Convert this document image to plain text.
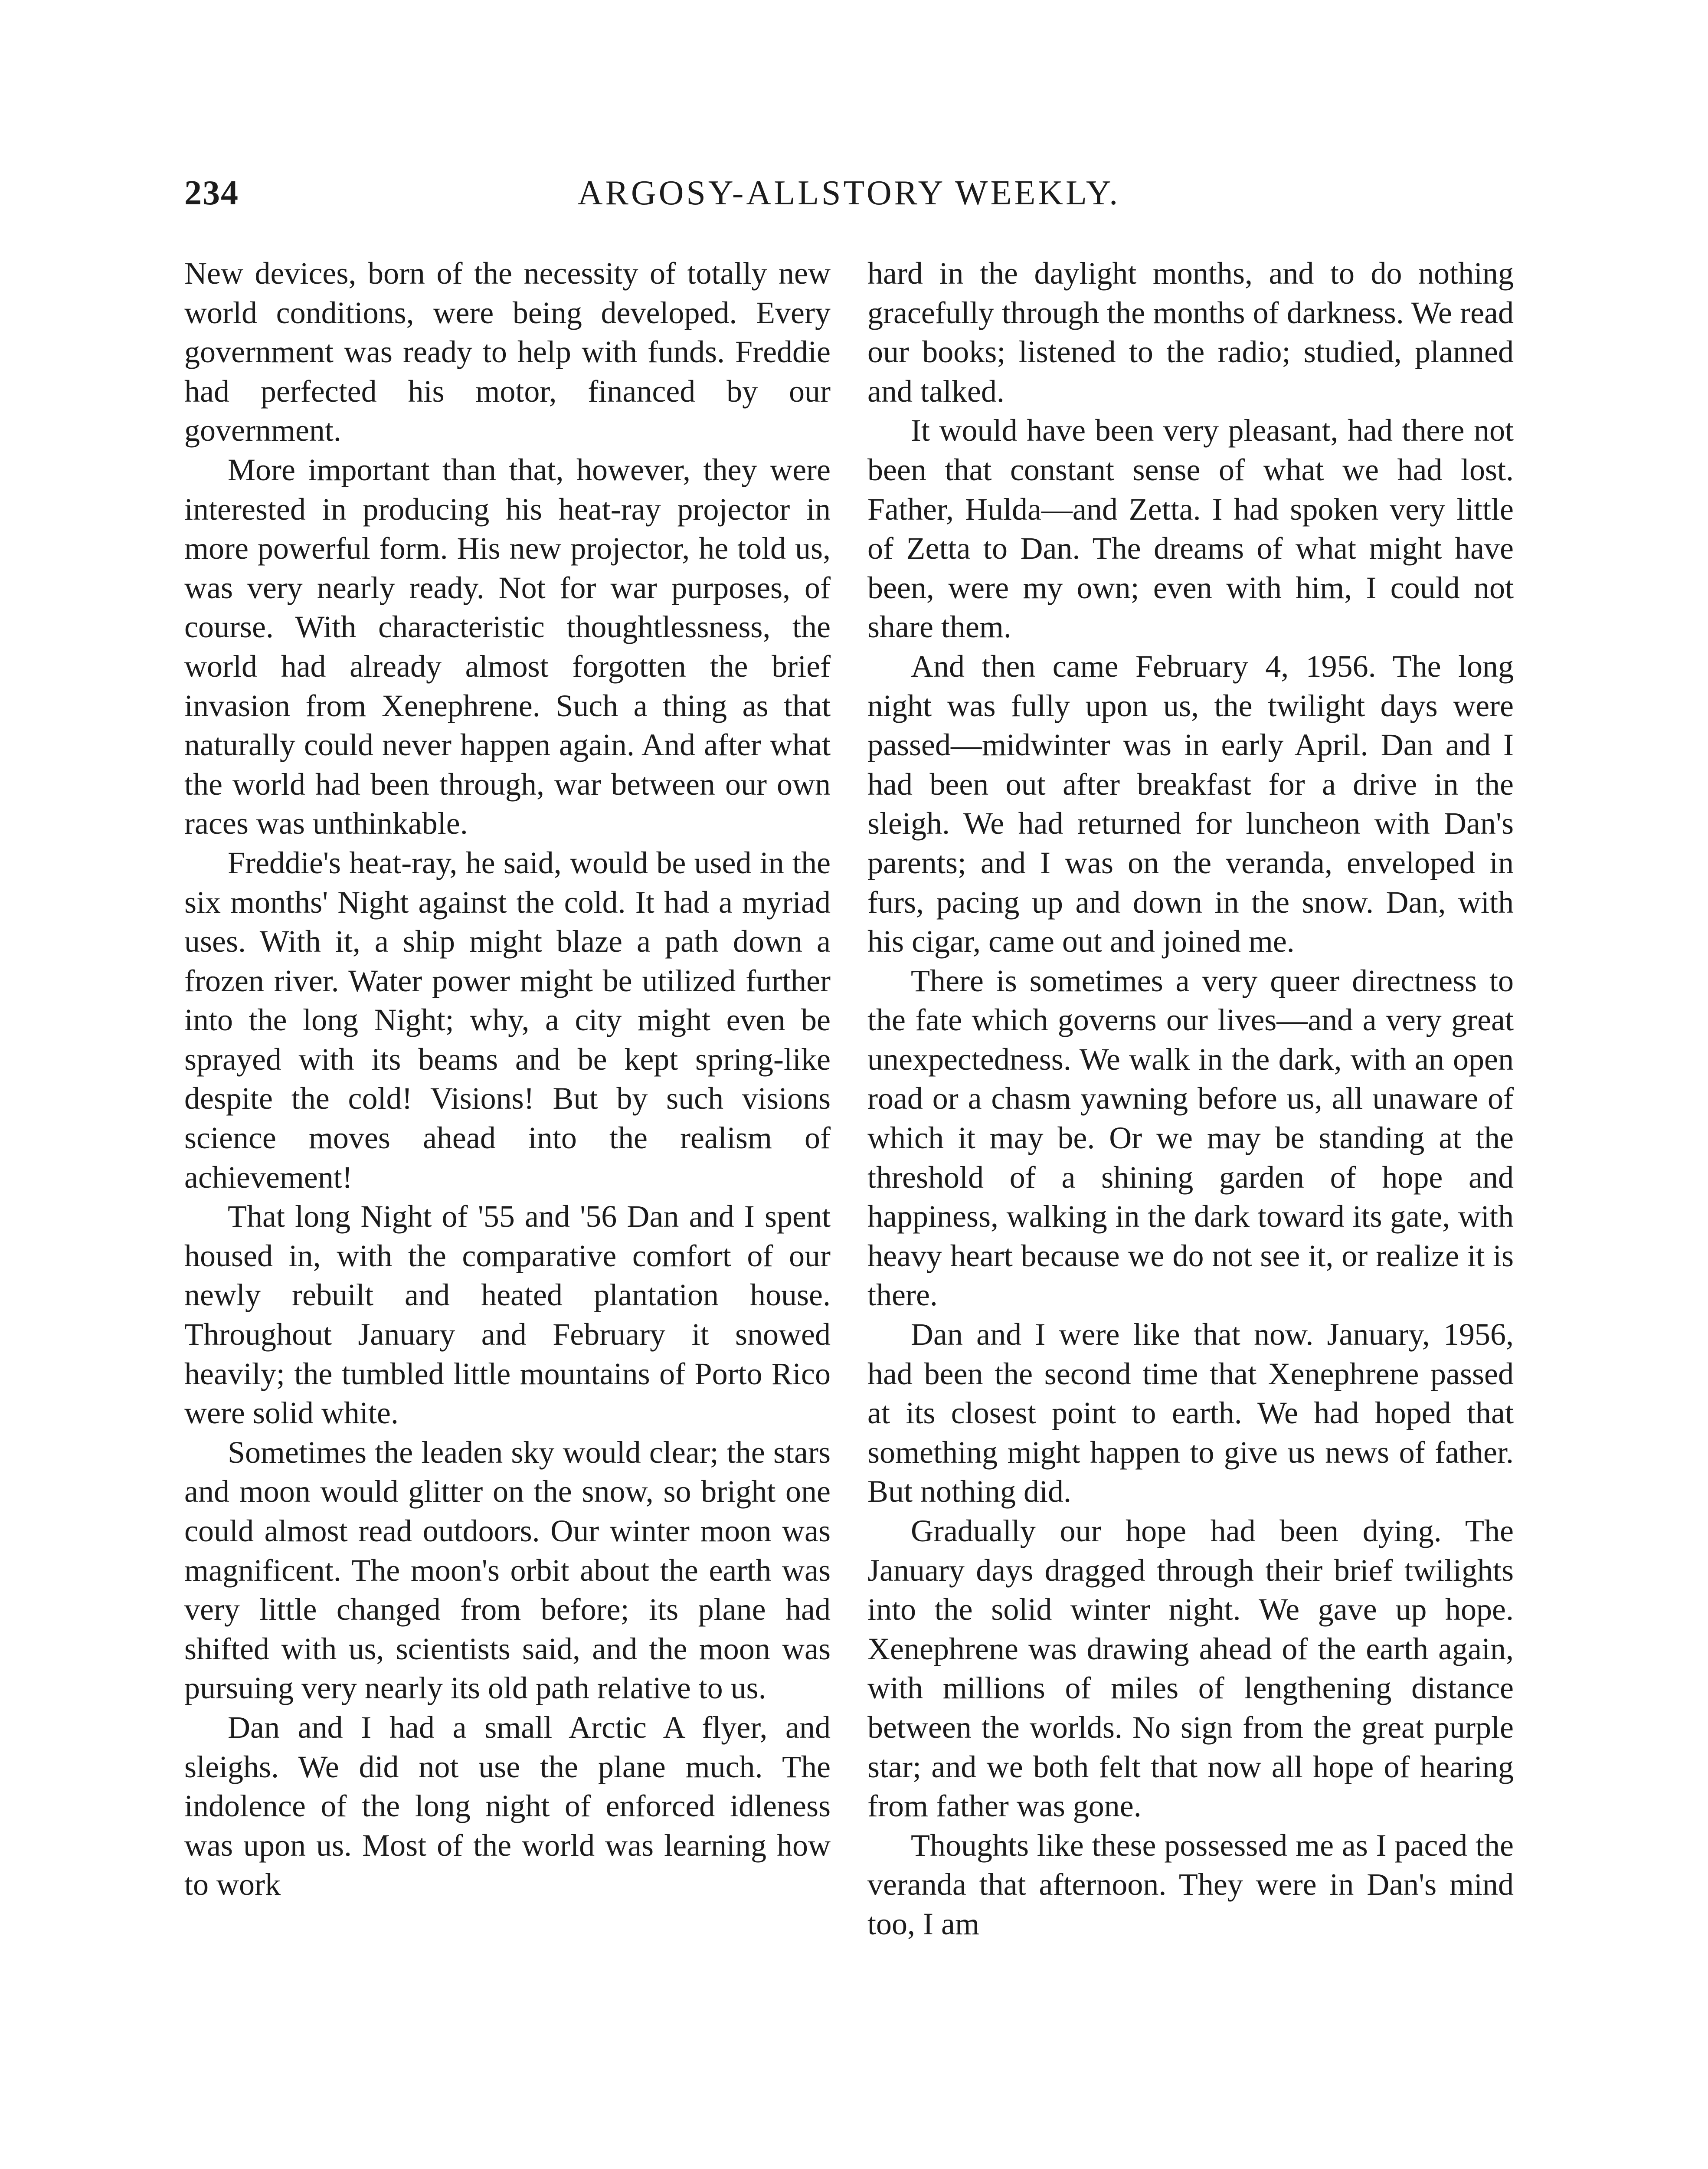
234	ARGOSY-ALLSTORY WEEKLY.

New devices, born of the necessity of totally new world conditions, were being developed. Every government was ready to help with funds. Freddie had perfected his motor, financed by our government.

More important than that, however, they were interested in producing his heat-ray projector in more powerful form. His new projector, he told us, was very nearly ready. Not for war purposes, of course. With characteristic thoughtlessness, the world had already almost forgotten the brief invasion from Xenephrene. Such a thing as that naturally could never happen again. And after what the world had been through, war between our own races was unthinkable.

Freddie's heat-ray, he said, would be used in the six months' Night against the cold. It had a myriad uses. With it, a ship might blaze a path down a frozen river. Water power might be utilized further into the long Night; why, a city might even be sprayed with its beams and be kept spring-like despite the cold! Visions! But by such visions science moves ahead into the realism of achievement!

That long Night of '55 and '56 Dan and I spent housed in, with the comparative comfort of our newly rebuilt and heated plantation house. Throughout January and February it snowed heavily; the tumbled little mountains of Porto Rico were solid white.

Sometimes the leaden sky would clear; the stars and moon would glitter on the snow, so bright one could almost read outdoors. Our winter moon was magnificent. The moon's orbit about the earth was very little changed from before; its plane had shifted with us, scientists said, and the moon was pursuing very nearly its old path relative to us.

Dan and I had a small Arctic A flyer, and sleighs. We did not use the plane much. The indolence of the long night of enforced idleness was upon us. Most of the world was learning how to work

hard in the daylight months, and to do nothing gracefully through the months of darkness. We read our books; listened to the radio; studied, planned and talked.

It would have been very pleasant, had there not been that constant sense of what we had lost. Father, Hulda—and Zetta. I had spoken very little of Zetta to Dan. The dreams of what might have been, were my own; even with him, I could not share them.

And then came February 4, 1956. The long night was fully upon us, the twilight days were passed—midwinter was in early April. Dan and I had been out after breakfast for a drive in the sleigh. We had returned for luncheon with Dan's parents; and I was on the veranda, enveloped in furs, pacing up and down in the snow. Dan, with his cigar, came out and joined me.

There is sometimes a very queer directness to the fate which governs our lives—and a very great unexpectedness. We walk in the dark, with an open road or a chasm yawning before us, all unaware of which it may be. Or we may be standing at the threshold of a shining garden of hope and happiness, walking in the dark toward its gate, with heavy heart because we do not see it, or realize it is there.

Dan and I were like that now. January, 1956, had been the second time that Xenephrene passed at its closest point to earth. We had hoped that something might happen to give us news of father. But nothing did.

Gradually our hope had been dying. The January days dragged through their brief twilights into the solid winter night. We gave up hope. Xenephrene was drawing ahead of the earth again, with millions of miles of lengthening distance between the worlds. No sign from the great purple star; and we both felt that now all hope of hearing from father was gone.

Thoughts like these possessed me as I paced the veranda that afternoon. They were in Dan's mind too, I am
